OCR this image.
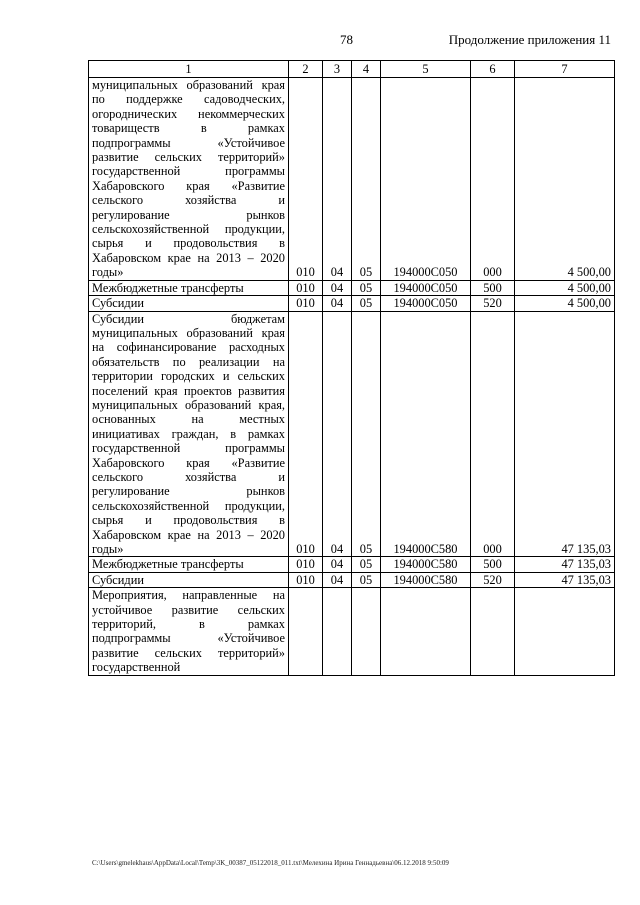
78	Продолжение приложения 11
1	2	3	4	5	6	7
муниципальных образований края по поддержке садоводческих, огороднических некоммерческих товариществ в рамках подпрограммы «Устойчивое развитие сельских территорий» государственной программы Хабаровского края «Развитие сельского хозяйства и регулирование рынков сельскохозяйственной продукции, сырья и продовольствия в Хабаровском крае на 2013 – 2020 годы»	010	04	05	194000С050	000	4 500,00
Межбюджетные трансферты	010	04	05	194000С050	500	4 500,00
Субсидии	010	04	05	194000С050	520	4 500,00
Субсидии бюджетам муниципальных образований края на софинансирование расходных обязательств по реализации на территории городских и сельских поселений края проектов развития муниципальных образований края, основанных на местных инициативах граждан, в рамках государственной программы Хабаровского края «Развитие сельского хозяйства и регулирование рынков сельскохозяйственной продукции, сырья и продовольствия в Хабаровском крае на 2013 – 2020 годы»	010	04	05	194000С580	000	47 135,03
Межбюджетные трансферты	010	04	05	194000С580	500	47 135,03
Субсидии	010	04	05	194000С580	520	47 135,03
Мероприятия, направленные на устойчивое развитие сельских территорий, в рамках подпрограммы «Устойчивое развитие сельских территорий» государственной						
C:\Users\gmelekhaus\AppData\Local\Temp\3K_00387_05122018_011.txt\Мелехина Ирина Геннадьевна\06.12.2018 9:50:09
